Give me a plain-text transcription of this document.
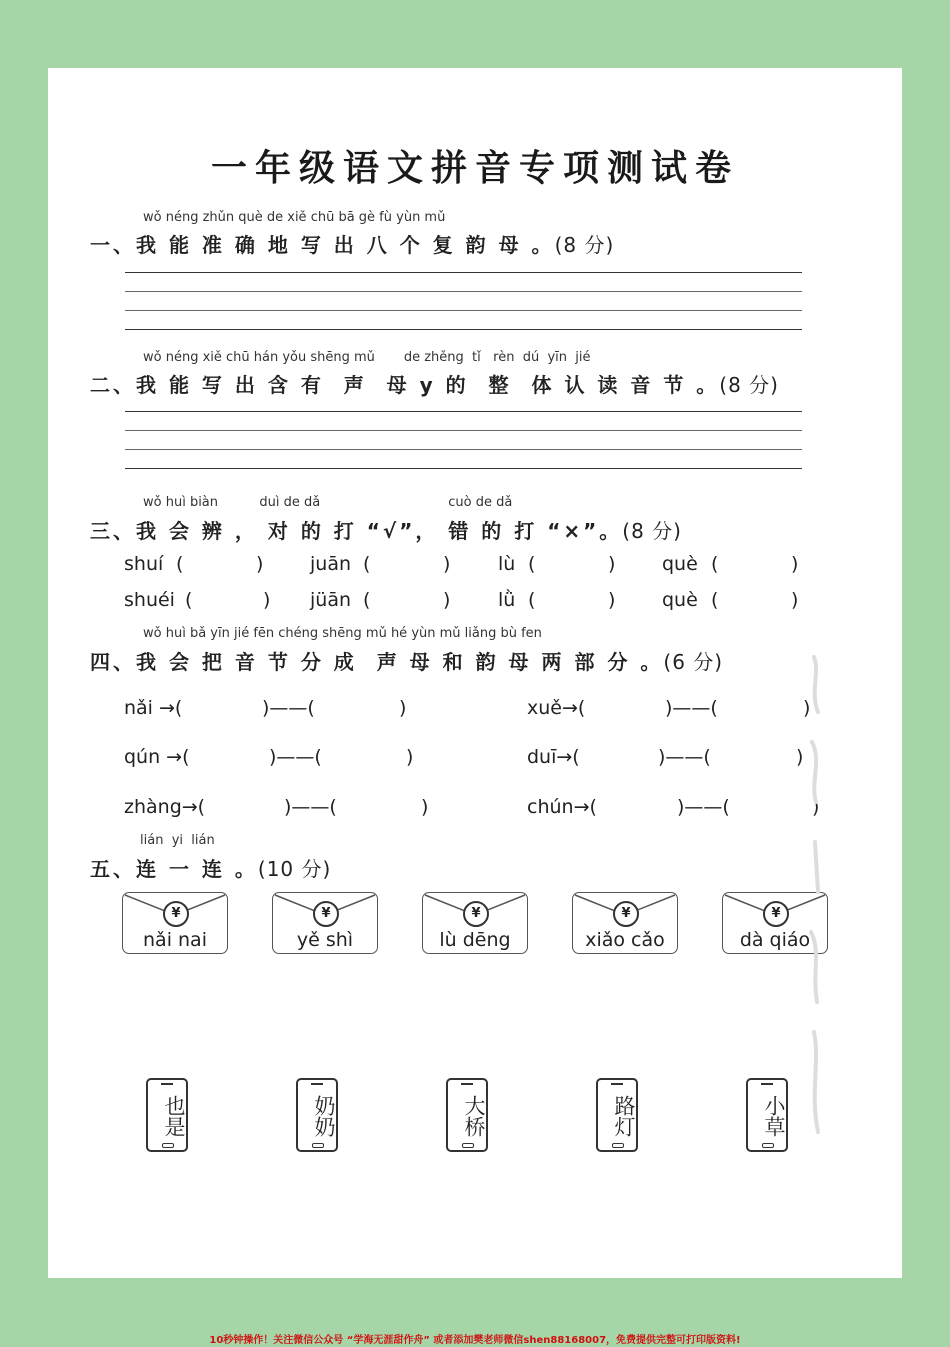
一年级语文拼音专项测试卷
wǒ néng zhǔn què de xiě chū bā gè fù yùn mǔ
一、我 能 准 确 地 写 出 八 个 复 韵 母 。(8 分)
wǒ néng xiě chū hán yǒu shēng mǔ       de zhěng  tǐ   rèn  dú  yīn  jié
二、我 能 写 出 含 有  声  母 y 的  整  体 认 读 音 节 。(8 分)
wǒ huì biàn          duì de dǎ                               cuò de dǎ
三、我 会 辨 ， 对 的 打 “√”， 错 的 打 “×”。(8 分)
shuí (	) juān (	)	lù (	) què (	)
shuéi (	) jüān (	)	lǜ (	) què (	)
wǒ huì bǎ yīn jié fēn chéng shēng mǔ hé yùn mǔ liǎng bù fen
四、我 会 把 音 节 分 成  声 母 和 韵 母 两 部 分 。(6 分)
nǎi →(	)——(	)	xuě→(	)——(	)
qún →(	)——(	)	duī→(	)——(	)
zhàng→(	)——(	)	chún→(	)——(	)
lián  yi  lián
五、连 一 连 。(10 分)
¥
nǎi nai
¥
yě shì
¥
lù dēng
¥
xiǎo cǎo
¥
dà qiáo
也是	奶奶	大桥	路灯	小草
10秒钟操作！关注微信公众号 “学海无涯甜作舟” 或者添加樊老师微信shen88168007，免费提供完整可打印版资料!
